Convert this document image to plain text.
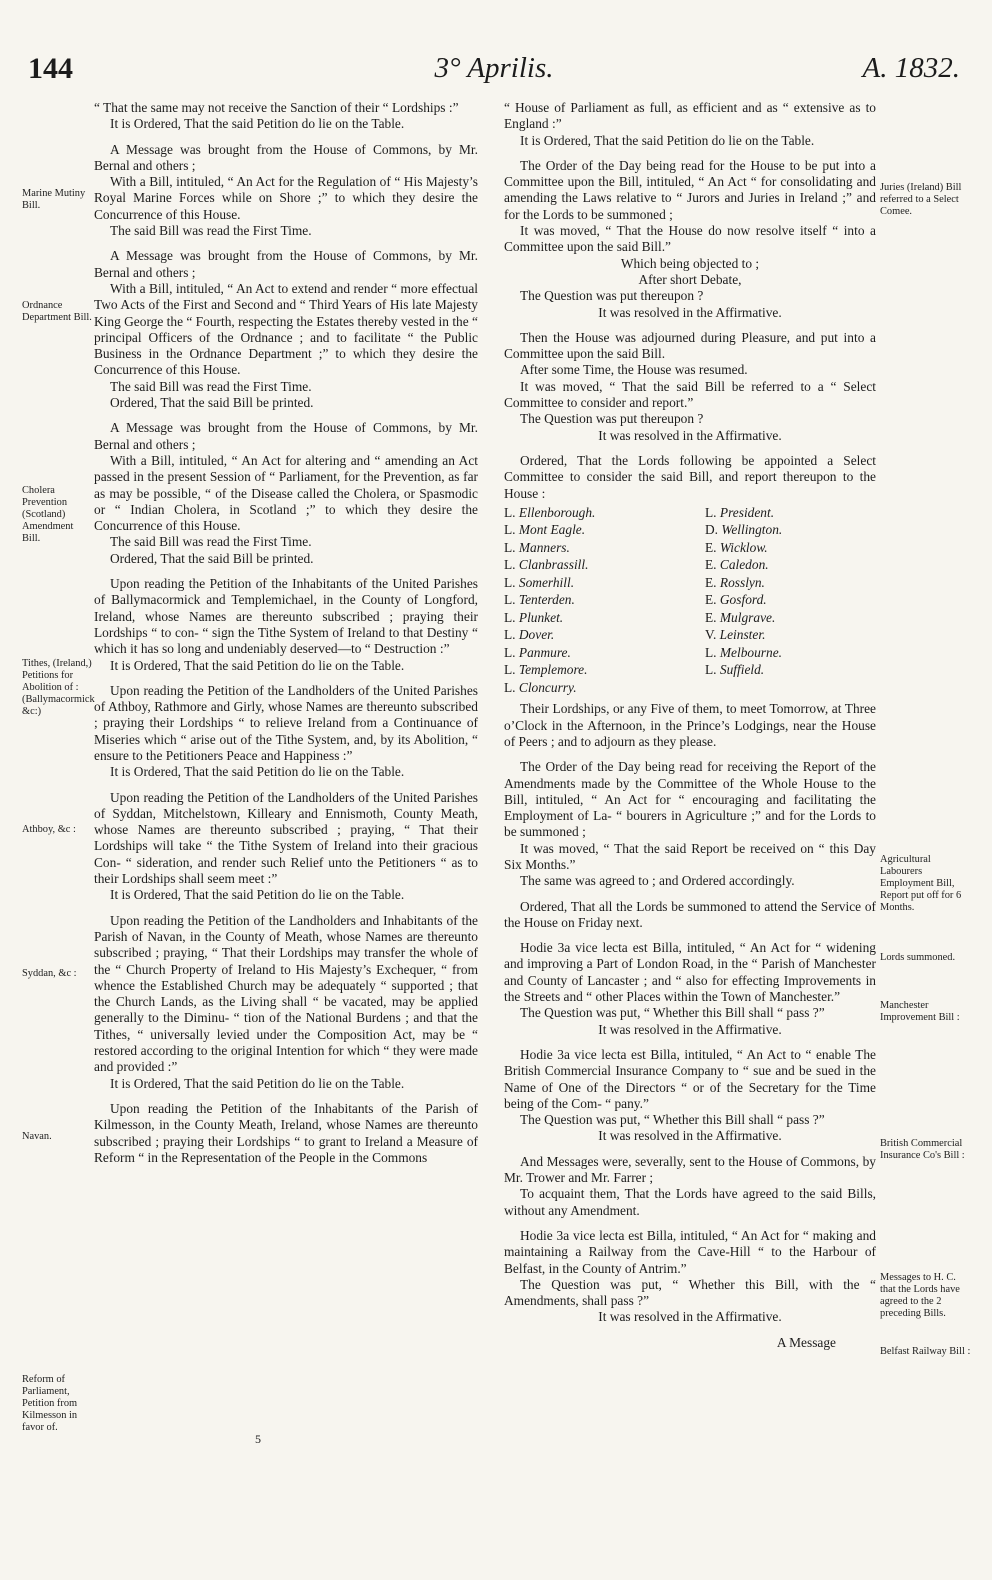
144	3° Aprilis.	A. 1832.
Marine Mutiny Bill.
Ordnance Department Bill.
Cholera Prevention (Scotland) Amendment Bill.
Tithes, (Ireland,) Petitions for Abolition of : (Ballymacormick &c:)
Athboy, &c :
Syddan, &c :
Navan.
Reform of Parliament, Petition from Kilmesson in favor of.
Juries (Ireland) Bill referred to a Select Comee.
Agricultural Labourers Employment Bill, Report put off for 6 Months.
Lords summoned.
Manchester Improvement Bill :
British Commercial Insurance Co's Bill :
Messages to H. C. that the Lords have agreed to the 2 preceding Bills.
Belfast Railway Bill :

“ That the same may not receive the Sanction of their “ Lordships :”

It is Ordered, That the said Petition do lie on the Table.

A Message was brought from the House of Commons, by Mr. Bernal and others ;

With a Bill, intituled, “ An Act for the Regulation of “ His Majesty’s Royal Marine Forces while on Shore ;” to which they desire the Concurrence of this House.

The said Bill was read the First Time.

A Message was brought from the House of Commons, by Mr. Bernal and others ;

With a Bill, intituled, “ An Act to extend and render “ more effectual Two Acts of the First and Second and “ Third Years of His late Majesty King George the “ Fourth, respecting the Estates thereby vested in the “ principal Officers of the Ordnance ; and to facilitate “ the Public Business in the Ordnance Department ;” to which they desire the Concurrence of this House.

The said Bill was read the First Time.

Ordered, That the said Bill be printed.

A Message was brought from the House of Commons, by Mr. Bernal and others ;

With a Bill, intituled, “ An Act for altering and “ amending an Act passed in the present Session of “ Parliament, for the Prevention, as far as may be possible, “ of the Disease called the Cholera, or Spasmodic or “ Indian Cholera, in Scotland ;” to which they desire the Concurrence of this House.

The said Bill was read the First Time.

Ordered, That the said Bill be printed.

Upon reading the Petition of the Inhabitants of the United Parishes of Ballymacormick and Templemichael, in the County of Longford, Ireland, whose Names are thereunto subscribed ; praying their Lordships “ to con- “ sign the Tithe System of Ireland to that Destiny “ which it has so long and undeniably deserved—to “ Destruction :”

It is Ordered, That the said Petition do lie on the Table.

Upon reading the Petition of the Landholders of the United Parishes of Athboy, Rathmore and Girly, whose Names are thereunto subscribed ; praying their Lordships “ to relieve Ireland from a Continuance of Miseries which “ arise out of the Tithe System, and, by its Abolition, “ ensure to the Petitioners Peace and Happiness :”

It is Ordered, That the said Petition do lie on the Table.

Upon reading the Petition of the Landholders of the United Parishes of Syddan, Mitchelstown, Killeary and Ennismoth, County Meath, whose Names are thereunto subscribed ; praying, “ That their Lordships will take “ the Tithe System of Ireland into their gracious Con- “ sideration, and render such Relief unto the Petitioners “ as to their Lordships shall seem meet :”

It is Ordered, That the said Petition do lie on the Table.

Upon reading the Petition of the Landholders and Inhabitants of the Parish of Navan, in the County of Meath, whose Names are thereunto subscribed ; praying, “ That their Lordships may transfer the whole of the “ Church Property of Ireland to His Majesty’s Exchequer, “ from whence the Established Church may be adequately “ supported ; that the Church Lands, as the Living shall “ be vacated, may be applied generally to the Diminu- “ tion of the National Burdens ; and that the Tithes, “ universally levied under the Composition Act, may be “ restored according to the original Intention for which “ they were made and provided :”

It is Ordered, That the said Petition do lie on the Table.

Upon reading the Petition of the Inhabitants of the Parish of Kilmesson, in the County Meath, Ireland, whose Names are thereunto subscribed ; praying their Lordships “ to grant to Ireland a Measure of Reform “ in the Representation of the People in the Commons

“ House of Parliament as full, as efficient and as “ extensive as to England :”

It is Ordered, That the said Petition do lie on the Table.

The Order of the Day being read for the House to be put into a Committee upon the Bill, intituled, “ An Act “ for consolidating and amending the Laws relative to “ Jurors and Juries in Ireland ;” and for the Lords to be summoned ;

It was moved, “ That the House do now resolve itself “ into a Committee upon the said Bill.”

Which being objected to ;

After short Debate,

The Question was put thereupon ?

It was resolved in the Affirmative.

Then the House was adjourned during Pleasure, and put into a Committee upon the said Bill.

After some Time, the House was resumed.

It was moved, “ That the said Bill be referred to a “ Select Committee to consider and report.”

The Question was put thereupon ?

It was resolved in the Affirmative.

Ordered, That the Lords following be appointed a Select Committee to consider the said Bill, and report thereupon to the House :

L. Ellenborough.
L. Mont Eagle.
L. Manners.
L. Clanbrassill.
L. Somerhill.
L. Tenterden.
L. Plunket.
L. Dover.
L. Panmure.
L. Templemore.
L. Cloncurry.
L. President.
D. Wellington.
E. Wicklow.
E. Caledon.
E. Rosslyn.
E. Gosford.
E. Mulgrave.
V. Leinster.
L. Melbourne.
L. Suffield.

Their Lordships, or any Five of them, to meet Tomorrow, at Three o’Clock in the Afternoon, in the Prince’s Lodgings, near the House of Peers ; and to adjourn as they please.

The Order of the Day being read for receiving the Report of the Amendments made by the Committee of the Whole House to the Bill, intituled, “ An Act for “ encouraging and facilitating the Employment of La- “ bourers in Agriculture ;” and for the Lords to be summoned ;

It was moved, “ That the said Report be received on “ this Day Six Months.”

The same was agreed to ; and Ordered accordingly.

Ordered, That all the Lords be summoned to attend the Service of the House on Friday next.

Hodie 3a vice lecta est Billa, intituled, “ An Act for “ widening and improving a Part of London Road, in the “ Parish of Manchester and County of Lancaster ; and “ also for effecting Improvements in the Streets and “ other Places within the Town of Manchester.”

The Question was put, “ Whether this Bill shall “ pass ?”

It was resolved in the Affirmative.

Hodie 3a vice lecta est Billa, intituled, “ An Act to “ enable The British Commercial Insurance Company to “ sue and be sued in the Name of One of the Directors “ or of the Secretary for the Time being of the Com- “ pany.”

The Question was put, “ Whether this Bill shall “ pass ?”

It was resolved in the Affirmative.

And Messages were, severally, sent to the House of Commons, by Mr. Trower and Mr. Farrer ;

To acquaint them, That the Lords have agreed to the said Bills, without any Amendment.

Hodie 3a vice lecta est Billa, intituled, “ An Act for “ making and maintaining a Railway from the Cave-Hill “ to the Harbour of Belfast, in the County of Antrim.”

The Question was put, “ Whether this Bill, with the “ Amendments, shall pass ?”

It was resolved in the Affirmative.

A Message

5
